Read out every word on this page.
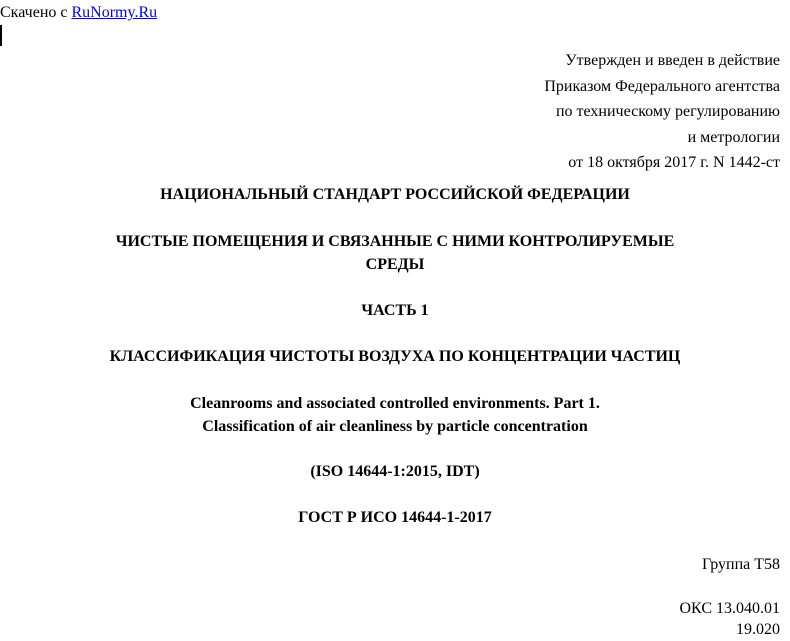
Скачено с RuNormy.Ru
Утвержден и введен в действие
Приказом Федерального агентства
по техническому регулированию
и метрологии
от 18 октября 2017 г. N 1442-ст
НАЦИОНАЛЬНЫЙ СТАНДАРТ РОССИЙСКОЙ ФЕДЕРАЦИИ
ЧИСТЫЕ ПОМЕЩЕНИЯ И СВЯЗАННЫЕ С НИМИ КОНТРОЛИРУЕМЫЕ
СРЕДЫ
ЧАСТЬ 1
КЛАССИФИКАЦИЯ ЧИСТОТЫ ВОЗДУХА ПО КОНЦЕНТРАЦИИ ЧАСТИЦ
Cleanrooms and associated controlled environments. Part 1.
Classification of air cleanliness by particle concentration
(ISO 14644-1:2015, IDT)
ГОСТ Р ИСО 14644-1-2017
Группа Т58
ОКС 13.040.01
19.020
